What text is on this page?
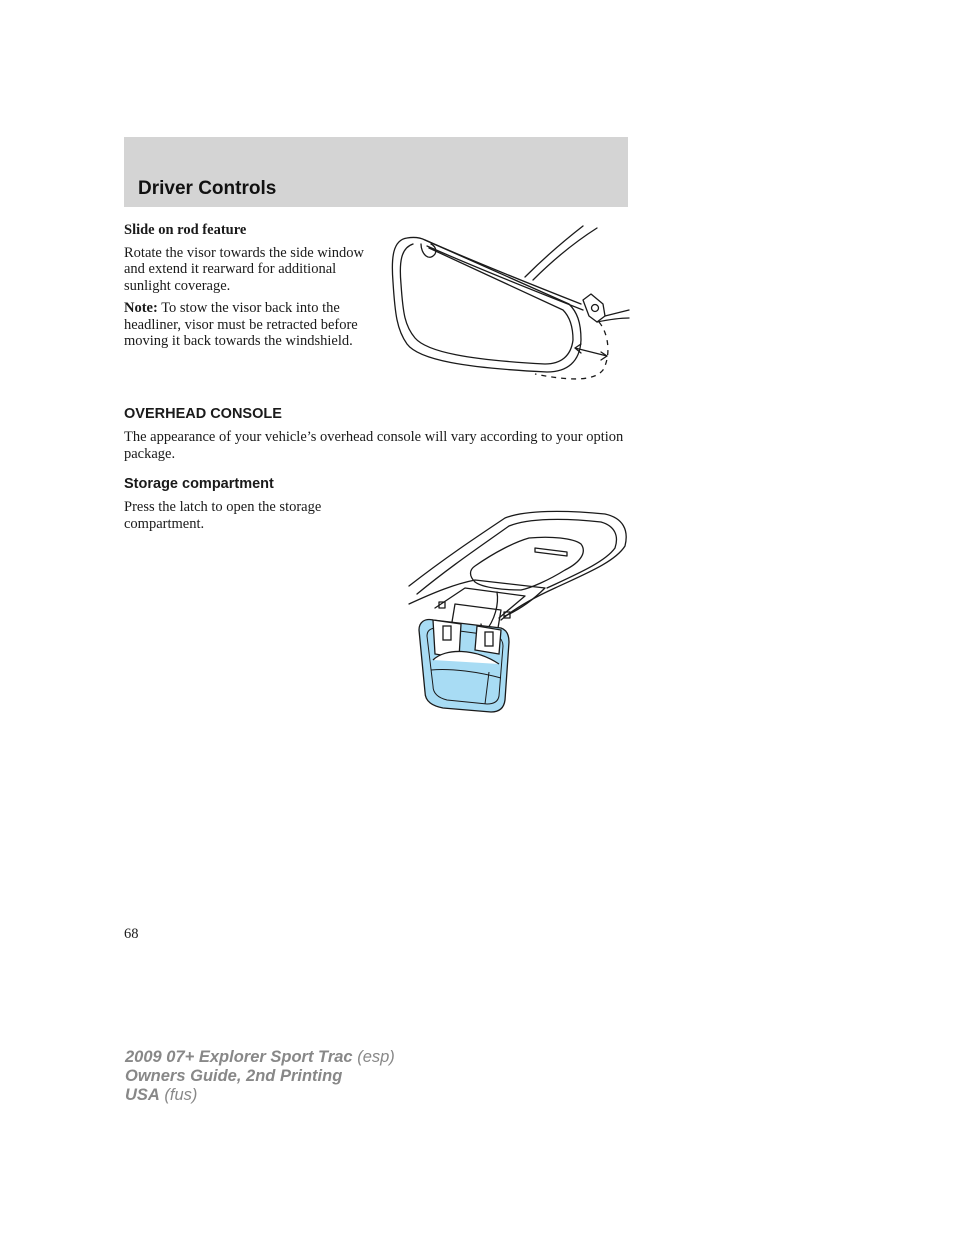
Driver Controls

Slide on rod feature

Rotate the visor towards the side window and extend it rearward for additional sunlight coverage.

Note: To stow the visor back into the headliner, visor must be retracted before moving it back towards the windshield.

OVERHEAD CONSOLE

The appearance of your vehicle’s overhead console will vary according to your option package.

Storage compartment

Press the latch to open the storage compartment.

68
2009 07+ Explorer Sport Trac (esp)
Owners Guide, 2nd Printing
USA (fus)
